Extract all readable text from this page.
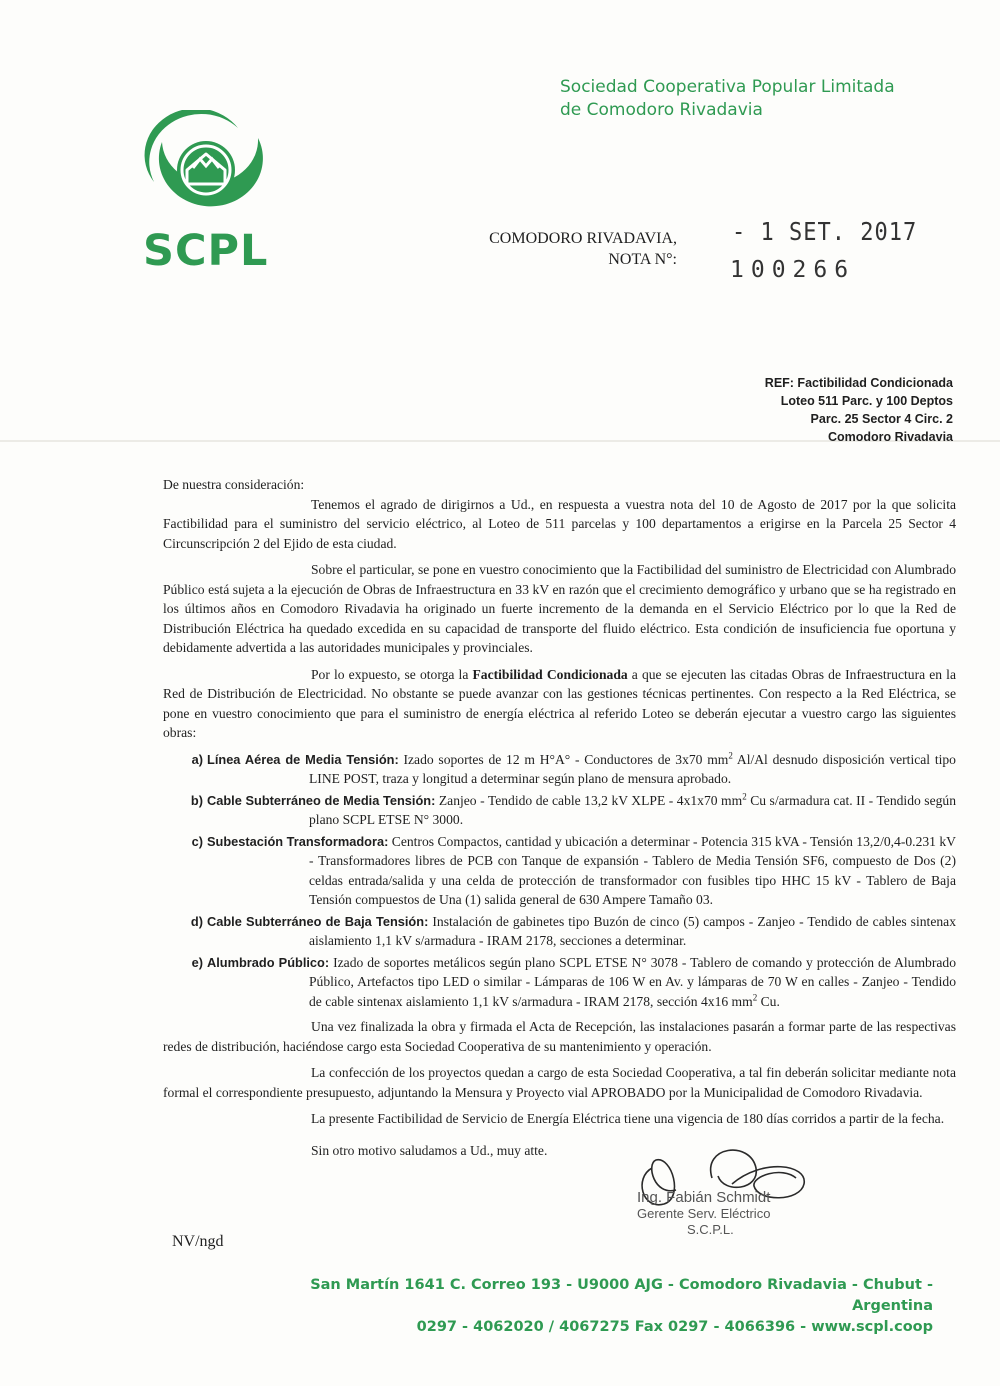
Sociedad Cooperativa Popular Limitada
de Comodoro Rivadavia
SCPL	COMODORO RIVADAVIA,
NOTA N°:
- 1 SET. 2017
100266
REF: Factibilidad Condicionada
Loteo 511 Parc. y 100 Deptos
Parc. 25 Sector 4 Circ. 2
Comodoro Rivadavia
De nuestra consideración:

Tenemos el agrado de dirigirnos a Ud., en respuesta a vuestra nota del 10 de Agosto de 2017 por la que solicita Factibilidad para el suministro del servicio eléctrico, al Loteo de 511 parcelas y 100 departamentos a erigirse en la Parcela 25 Sector 4 Circunscripción 2 del Ejido de esta ciudad.

Sobre el particular, se pone en vuestro conocimiento que la Factibilidad del suministro de Electricidad con Alumbrado Público está sujeta a la ejecución de Obras de Infraestructura en 33 kV en razón que el crecimiento demográfico y urbano que se ha registrado en los últimos años en Comodoro Rivadavia ha originado un fuerte incremento de la demanda en el Servicio Eléctrico por lo que la Red de Distribución Eléctrica ha quedado excedida en su capacidad de transporte del fluido eléctrico. Esta condición de insuficiencia fue oportuna y debidamente advertida a las autoridades municipales y provinciales.

Por lo expuesto, se otorga la Factibilidad Condicionada a que se ejecuten las citadas Obras de Infraestructura en la Red de Distribución de Electricidad. No obstante se puede avanzar con las gestiones técnicas pertinentes. Con respecto a la Red Eléctrica, se pone en vuestro conocimiento que para el suministro de energía eléctrica al referido Loteo se deberán ejecutar a vuestro cargo las siguientes obras:

a) Línea Aérea de Media Tensión: Izado soportes de 12 m H°A° - Conductores de 3x70 $mm^2$ Al/Al desnudo disposición vertical tipo LINE POST, traza y longitud a determinar según plano de mensura aprobado.
b) Cable Subterráneo de Media Tensión: Zanjeo - Tendido de cable 13,2 kV XLPE - 4x1x70 $mm^2$ Cu s/armadura cat. II - Tendido según plano SCPL ETSE N° 3000.
c) Subestación Transformadora: Centros Compactos, cantidad y ubicación a determinar - Potencia 315 kVA - Tensión 13,2/0,4-0.231 kV - Transformadores libres de PCB con Tanque de expansión - Tablero de Media Tensión SF6, compuesto de Dos (2) celdas entrada/salida y una celda de protección de transformador con fusibles tipo HHC 15 kV - Tablero de Baja Tensión compuestos de Una (1) salida general de 630 Ampere Tamaño 03.
d) Cable Subterráneo de Baja Tensión: Instalación de gabinetes tipo Buzón de cinco (5) campos - Zanjeo - Tendido de cables sintenax aislamiento 1,1 kV s/armadura - IRAM 2178, secciones a determinar.
e) Alumbrado Público: Izado de soportes metálicos según plano SCPL ETSE N° 3078 - Tablero de comando y protección de Alumbrado Público, Artefactos tipo LED o similar - Lámparas de 106 W en Av. y lámparas de 70 W en calles - Zanjeo - Tendido de cable sintenax aislamiento 1,1 kV s/armadura - IRAM 2178, sección 4x16 $mm^2$ Cu.

Una vez finalizada la obra y firmada el Acta de Recepción, las instalaciones pasarán a formar parte de las respectivas redes de distribución, haciéndose cargo esta Sociedad Cooperativa de su mantenimiento y operación.

La confección de los proyectos quedan a cargo de esta Sociedad Cooperativa, a tal fin deberán solicitar mediante nota formal el correspondiente presupuesto, adjuntando la Mensura y Proyecto vial APROBADO por la Municipalidad de Comodoro Rivadavia.

La presente Factibilidad de Servicio de Energía Eléctrica tiene una vigencia de 180 días corridos a partir de la fecha.

Sin otro motivo saludamos a Ud., muy atte.

Ing. Fabián Schmidt
Gerente Serv. Eléctrico
S.C.P.L.
NV/ngd
San Martín 1641 C. Correo 193 - U9000 AJG - Comodoro Rivadavia - Chubut - Argentina
0297 - 4062020 / 4067275 Fax 0297 - 4066396 - www.scpl.coop
